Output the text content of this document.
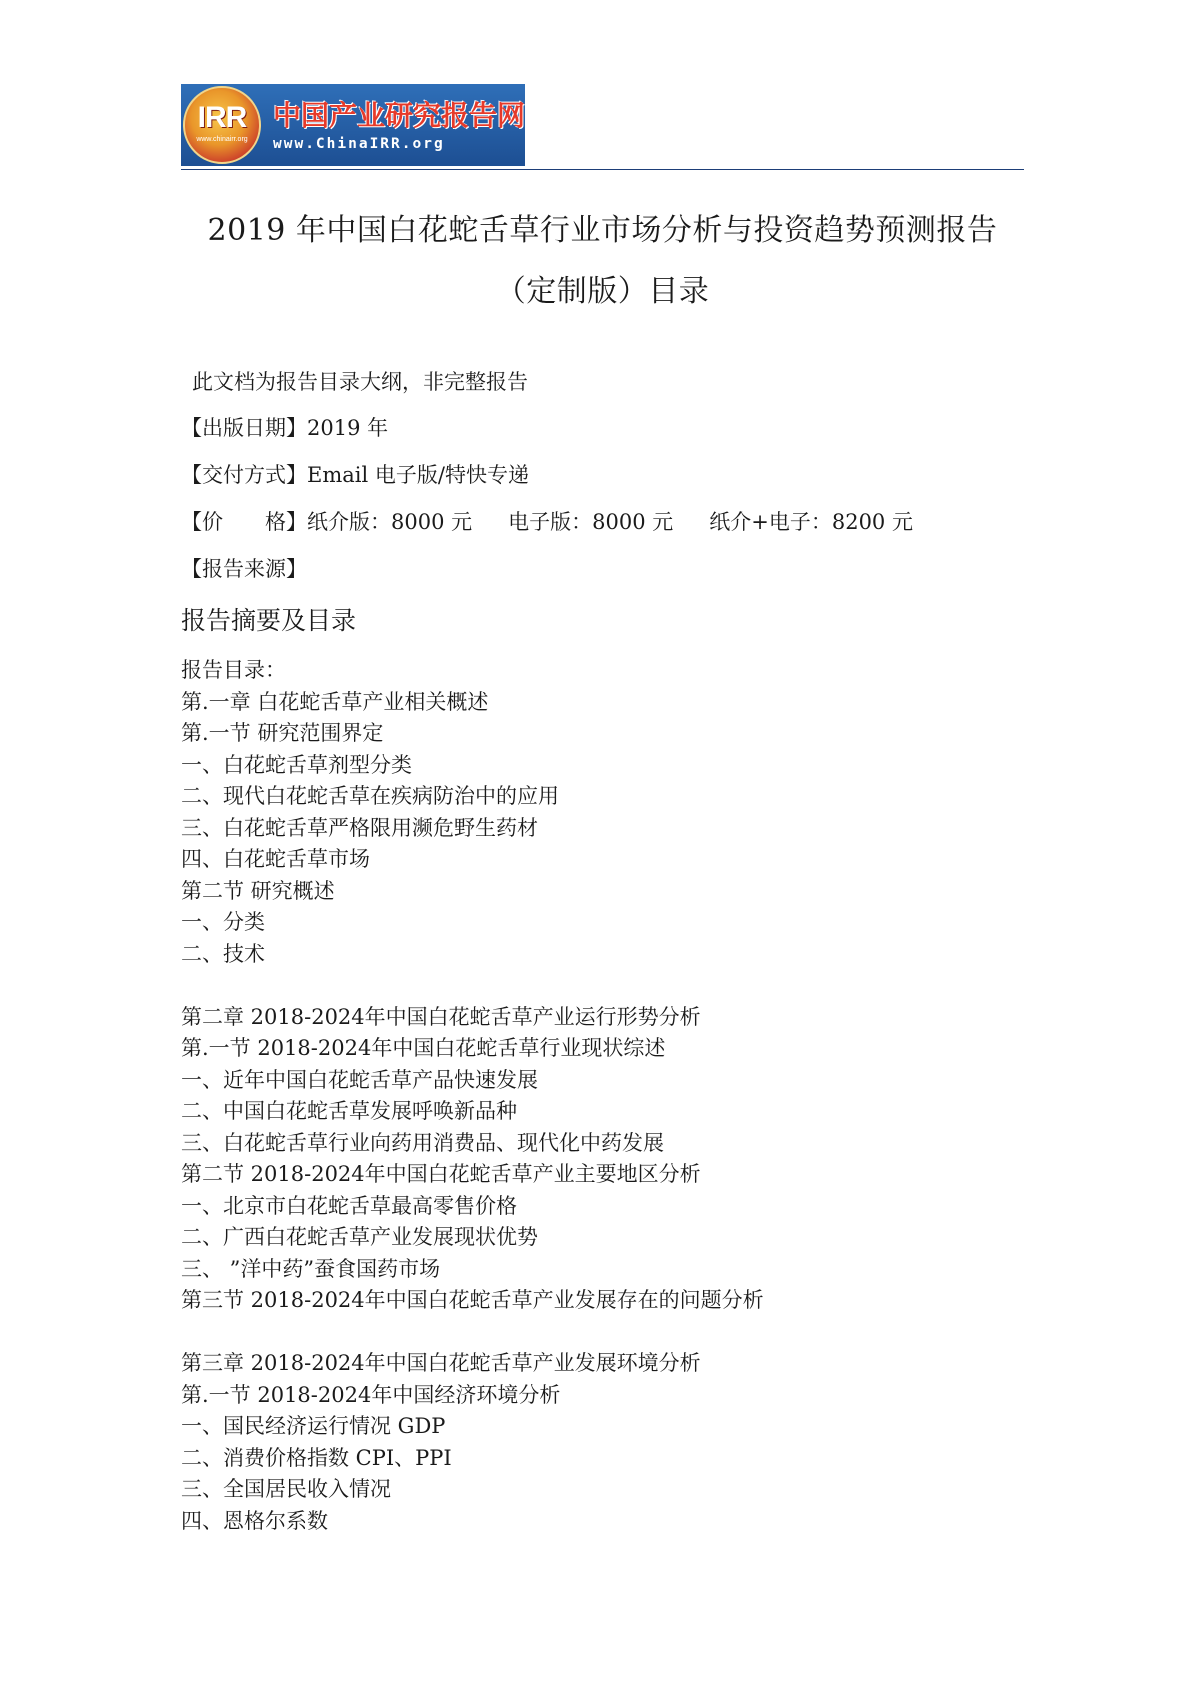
IRR
www.chinairr.org
中国产业研究报告网
www.ChinaIRR.org
2019 年中国白花蛇舌草行业市场分析与投资趋势预测报告
（定制版）目录
此文档为报告目录大纲，非完整报告
【出版日期】2019 年
【交付方式】Email 电子版/特快专递
【价　　格】纸介版：8000 元 电子版：8000 元 纸介+电子：8200 元
【报告来源】
报告摘要及目录
报告目录：
第.一章 白花蛇舌草产业相关概述
第.一节 研究范围界定
一、白花蛇舌草剂型分类
二、现代白花蛇舌草在疾病防治中的应用
三、白花蛇舌草严格限用濒危野生药材
四、白花蛇舌草市场
第二节 研究概述
一、分类
二、技术
第二章 2018-2024年中国白花蛇舌草产业运行形势分析
第.一节 2018-2024年中国白花蛇舌草行业现状综述
一、近年中国白花蛇舌草产品快速发展
二、中国白花蛇舌草发展呼唤新品种
三、白花蛇舌草行业向药用消费品、现代化中药发展
第二节 2018-2024年中国白花蛇舌草产业主要地区分析
一、北京市白花蛇舌草最高零售价格
二、广西白花蛇舌草产业发展现状优势
三、 ”洋中药”蚕食国药市场
第三节 2018-2024年中国白花蛇舌草产业发展存在的问题分析
第三章 2018-2024年中国白花蛇舌草产业发展环境分析
第.一节 2018-2024年中国经济环境分析
一、国民经济运行情况 GDP
二、消费价格指数 CPI、PPI
三、全国居民收入情况
四、恩格尔系数
